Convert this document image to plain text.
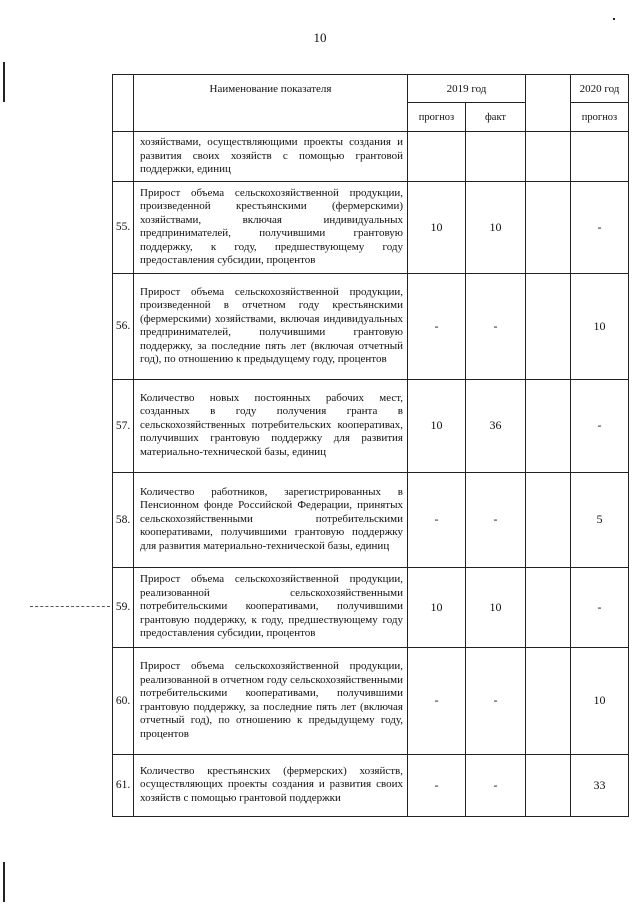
10
	Наименование показателя	2019 год			2020 год
		прогноз	факт		прогноз
	хозяйствами, осуществляющими проекты создания и развития своих хозяйств с помощью грантовой поддержки, единиц				
55.	Прирост объема сельскохозяйственной продукции, произведенной крестьянскими (фермерскими) хозяйствами, включая индивидуальных предпринимателей, получившими грантовую поддержку, к году, предшествующему году предоставления субсидии, процентов	10	10		-
56.	Прирост объема сельскохозяйственной продукции, произведенной в отчетном году крестьянскими (фермерскими) хозяйствами, включая индивидуальных предпринимателей, получившими грантовую поддержку, за последние пять лет (включая отчетный год), по отношению к предыдущему году, процентов	-	-		10
57.	Количество новых постоянных рабочих мест, созданных в году получения гранта в сельскохозяйственных потребительских кооперативах, получивших грантовую поддержку для развития материально-технической базы, единиц	10	36		-
58.	Количество работников, зарегистрированных в Пенсионном фонде Российской Федерации, принятых сельскохозяйственными потребительскими кооперативами, получившими грантовую поддержку для развития материально-технической базы, единиц	-	-		5
59.	Прирост объема сельскохозяйственной продукции, реализованной сельскохозяйственными потребительскими кооперативами, получившими грантовую поддержку, к году, предшествующему году предоставления субсидии, процентов	10	10		-
60.	Прирост объема сельскохозяйственной продукции, реализованной в отчетном году сельскохозяйственными потребительскими кооперативами, получившими грантовую поддержку, за последние пять лет (включая отчетный год), по отношению к предыдущему году, процентов	-	-		10
61.	Количество крестьянских (фермерских) хозяйств, осуществляющих проекты создания и развития своих хозяйств с помощью грантовой поддержки	-	-		33
